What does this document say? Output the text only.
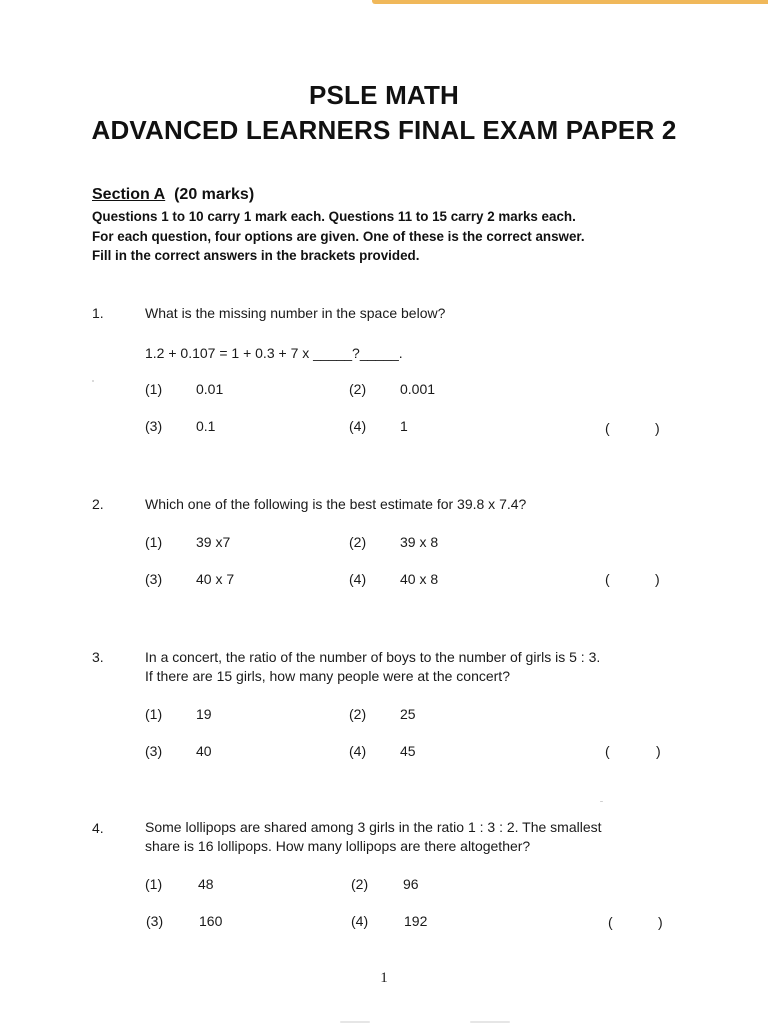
PSLE MATH
ADVANCED LEARNERS FINAL EXAM PAPER 2
Section A (20 marks)
Questions 1 to 10 carry 1 mark each. Questions 11 to 15 carry 2 marks each.
For each question, four options are given. One of these is the correct answer.
Fill in the correct answers in the brackets provided.
1.	What is the missing number in the space below?
1.2 + 0.107 = 1 + 0.3 + 7 x _____?_____.
(1) 0.01	(2) 0.001
(3) 0.1	(4) 1	(	)
2.	Which one of the following is the best estimate for 39.8 x 7.4?
(1) 39 x7	(2) 39 x 8
(3) 40 x 7	(4) 40 x 8	(	)
3.	In a concert, the ratio of the number of boys to the number of girls is 5 : 3.
If there are 15 girls, how many people were at the concert?
(1) 19	(2) 25
(3) 40	(4) 45	(	)
4.	Some lollipops are shared among 3 girls in the ratio 1 : 3 : 2. The smallest
share is 16 lollipops. How many lollipops are there altogether?
(1)	48	(2) 96
(3)	160	(4)	192	(	)
1
